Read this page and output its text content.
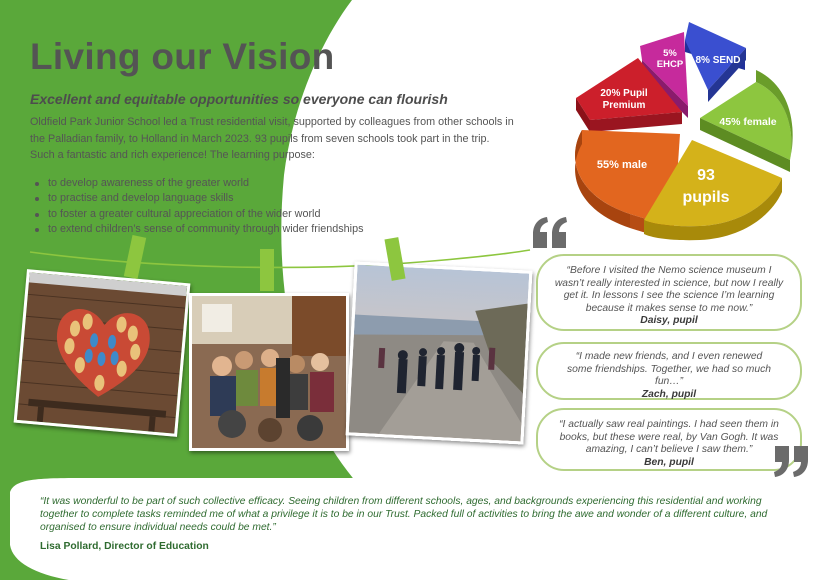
Living our Vision

Excellent and equitable opportunities so everyone can flourish

Oldfield Park Junior School led a Trust residential visit, supported by colleagues from other schools in the Palladian family, to Holland in March 2023. 93 pupils from seven schools took part in the trip. Such a fantastic and rich experience! The learning purpose:

to develop awareness of the greater world
to practise and develop language skills
to foster a greater cultural appreciation of the wider world
to extend children’s sense of community through wider friendships
8% SEND
5% EHCP
20% Pupil Premium
55% male
45% female
93 pupils
“Before I visited the Nemo science museum I wasn’t really interested in science, but now I really get it. In lessons I see the science I’m learning because it makes sense to me now.”
Daisy, pupil
“I made new friends, and I even renewed some friendships. Together, we had so much fun…”
Zach, pupil
“I actually saw real paintings. I had seen them in books, but these were real, by Van Gogh. It was amazing, I can’t believe I saw them.”
Ben, pupil

“It was wonderful to be part of such collective efficacy. Seeing children from different schools, ages, and backgrounds experiencing this residential and working together to complete tasks reminded me of what a privilege it is to be in our Trust. Packed full of activities to bring the awe and wonder of a different culture, and organised to ensure individual needs could be met.”

Lisa Pollard, Director of Education
